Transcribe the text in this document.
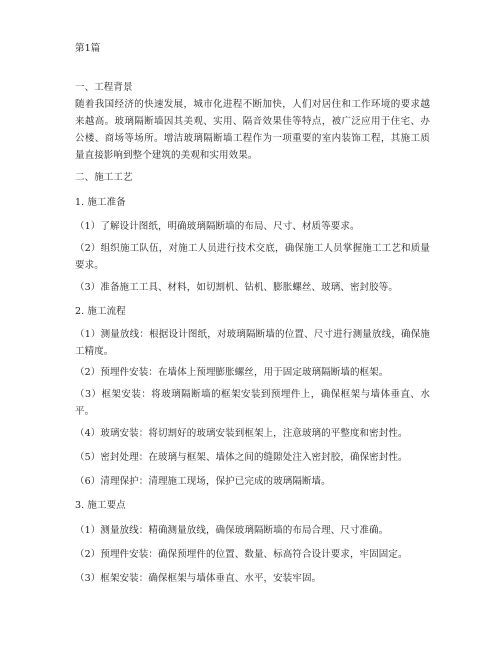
第1篇
一、工程背景
随着我国经济的快速发展，城市化进程不断加快，人们对居住和工作环境的要求越来越高。玻璃隔断墙因其美观、实用、隔音效果佳等特点，被广泛应用于住宅、办公楼、商场等场所。增洁玻璃隔断墙工程作为一项重要的室内装饰工程，其施工质量直接影响到整个建筑的美观和实用效果。
二、施工工艺
1. 施工准备
（1）了解设计图纸，明确玻璃隔断墙的布局、尺寸、材质等要求。
（2）组织施工队伍，对施工人员进行技术交底，确保施工人员掌握施工工艺和质量要求。
（3）准备施工工具、材料，如切割机、钻机、膨胀螺丝、玻璃、密封胶等。
2. 施工流程
（1）测量放线：根据设计图纸，对玻璃隔断墙的位置、尺寸进行测量放线，确保施工精度。
（2）预埋件安装：在墙体上预埋膨胀螺丝，用于固定玻璃隔断墙的框架。
（3）框架安装：将玻璃隔断墙的框架安装到预埋件上，确保框架与墙体垂直、水平。
（4）玻璃安装：将切割好的玻璃安装到框架上，注意玻璃的平整度和密封性。
（5）密封处理：在玻璃与框架、墙体之间的缝隙处注入密封胶，确保密封性。
（6）清理保护：清理施工现场，保护已完成的玻璃隔断墙。
3. 施工要点
（1）测量放线：精确测量放线，确保玻璃隔断墙的布局合理、尺寸准确。
（2）预埋件安装：确保预埋件的位置、数量、标高符合设计要求，牢固固定。
（3）框架安装：确保框架与墙体垂直、水平，安装牢固。
